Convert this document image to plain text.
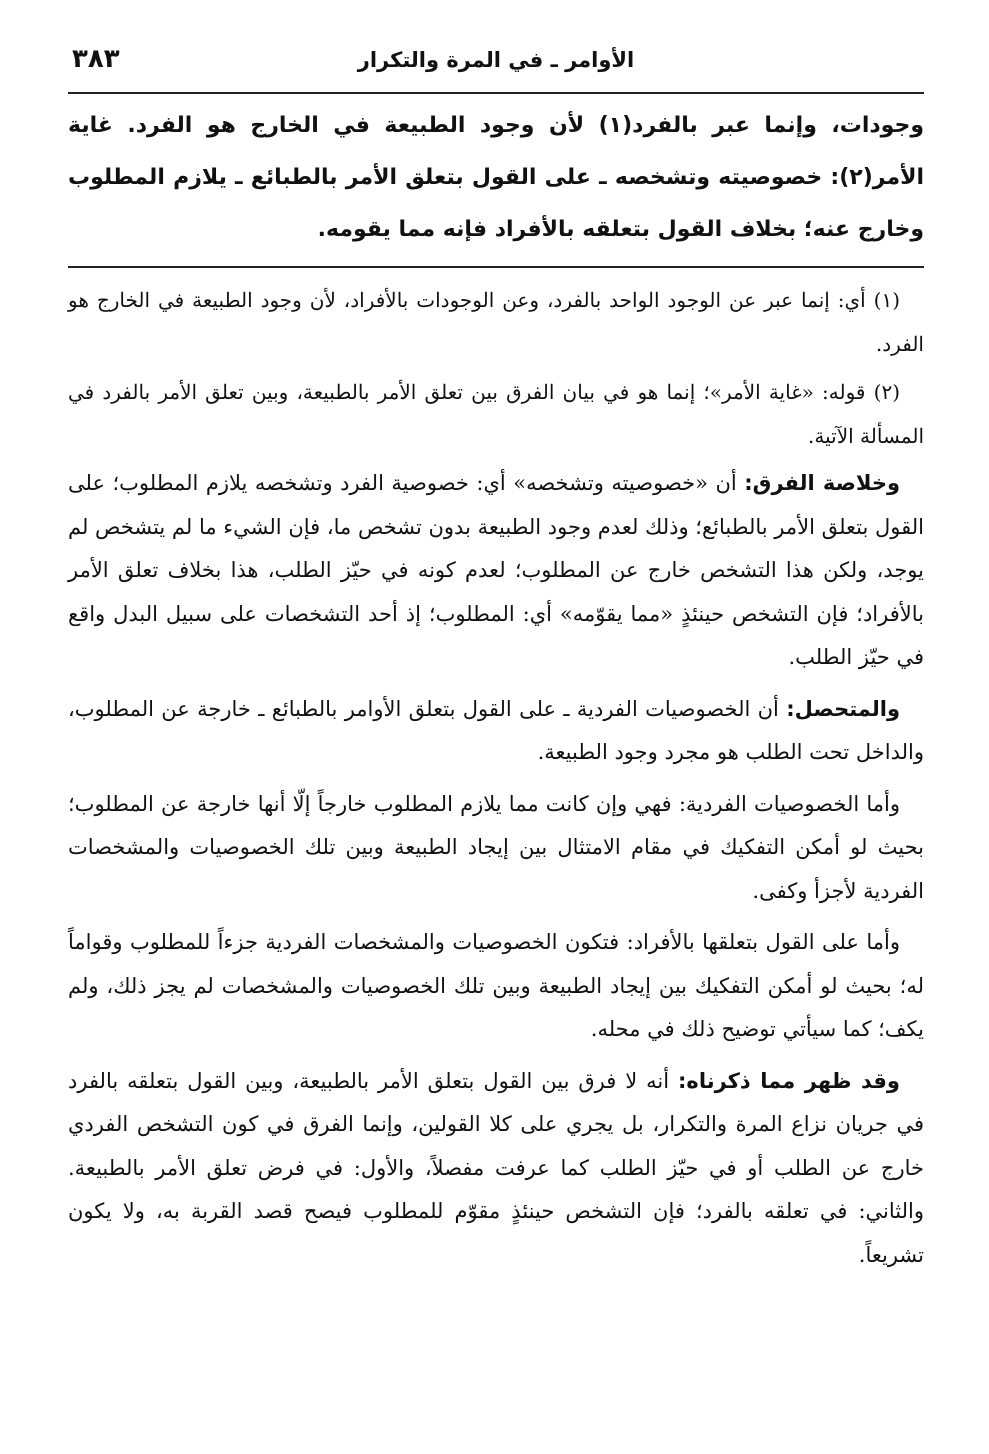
٣٨٣	الأوامر ـ في المرة والتكرار

وجودات، وإنما عبر بالفرد(١) لأن وجود الطبيعة في الخارج هو الفرد. غاية الأمر(٢): خصوصيته وتشخصه ـ على القول بتعلق الأمر بالطبائع ـ يلازم المطلوب وخارج عنه؛ بخلاف القول بتعلقه بالأفراد فإنه مما يقومه.

(١) أي: إنما عبر عن الوجود الواحد بالفرد، وعن الوجودات بالأفراد، لأن وجود الطبيعة في الخارج هو الفرد.

(٢) قوله: «غاية الأمر»؛ إنما هو في بيان الفرق بين تعلق الأمر بالطبيعة، وبين تعلق الأمر بالفرد في المسألة الآتية.

وخلاصة الفرق: أن «خصوصيته وتشخصه» أي: خصوصية الفرد وتشخصه يلازم المطلوب؛ على القول بتعلق الأمر بالطبائع؛ وذلك لعدم وجود الطبيعة بدون تشخص ما، فإن الشيء ما لم يتشخص لم يوجد، ولكن هذا التشخص خارج عن المطلوب؛ لعدم كونه في حيّز الطلب، هذا بخلاف تعلق الأمر بالأفراد؛ فإن التشخص حينئذٍ «مما يقوّمه» أي: المطلوب؛ إذ أحد التشخصات على سبيل البدل واقع في حيّز الطلب.

والمتحصل: أن الخصوصيات الفردية ـ على القول بتعلق الأوامر بالطبائع ـ خارجة عن المطلوب، والداخل تحت الطلب هو مجرد وجود الطبيعة.

وأما الخصوصيات الفردية: فهي وإن كانت مما يلازم المطلوب خارجاً إلّا أنها خارجة عن المطلوب؛ بحيث لو أمكن التفكيك في مقام الامتثال بين إيجاد الطبيعة وبين تلك الخصوصيات والمشخصات الفردية لأجزأ وكفى.

وأما على القول بتعلقها بالأفراد: فتكون الخصوصيات والمشخصات الفردية جزءاً للمطلوب وقواماً له؛ بحيث لو أمكن التفكيك بين إيجاد الطبيعة وبين تلك الخصوصيات والمشخصات لم يجز ذلك، ولم يكف؛ كما سيأتي توضيح ذلك في محله.

وقد ظهر مما ذكرناه: أنه لا فرق بين القول بتعلق الأمر بالطبيعة، وبين القول بتعلقه بالفرد في جريان نزاع المرة والتكرار، بل يجري على كلا القولين، وإنما الفرق في كون التشخص الفردي خارج عن الطلب أو في حيّز الطلب كما عرفت مفصلاً، والأول: في فرض تعلق الأمر بالطبيعة. والثاني: في تعلقه بالفرد؛ فإن التشخص حينئذٍ مقوّم للمطلوب فيصح قصد القربة به، ولا يكون تشريعاً.
